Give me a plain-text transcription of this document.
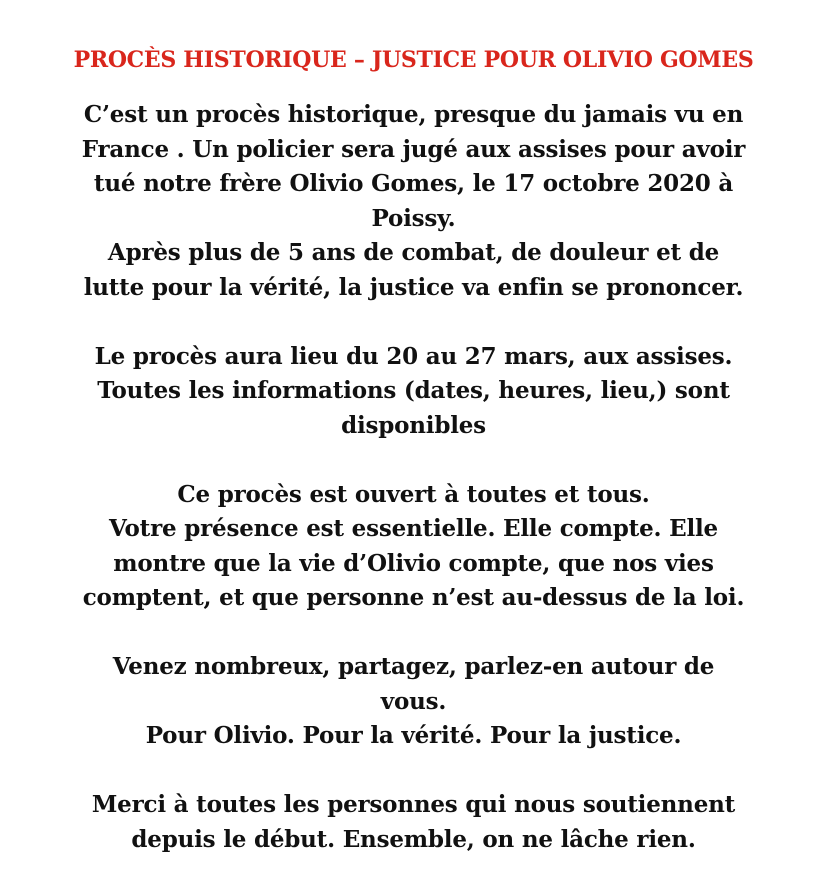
PROCÈS HISTORIQUE – JUSTICE POUR OLIVIO GOMES

C’est un procès historique, presque du jamais vu en
France . Un policier sera jugé aux assises pour avoir
tué notre frère Olivio Gomes, le 17 octobre 2020 à
Poissy.
Après plus de 5 ans de combat, de douleur et de
lutte pour la vérité, la justice va enfin se prononcer.

Le procès aura lieu du 20 au 27 mars, aux assises.
Toutes les informations (dates, heures, lieu,) sont
disponibles

Ce procès est ouvert à toutes et tous.
Votre présence est essentielle. Elle compte. Elle
montre que la vie d’Olivio compte, que nos vies
comptent, et que personne n’est au-dessus de la loi.

Venez nombreux, partagez, parlez-en autour de
vous.
Pour Olivio. Pour la vérité. Pour la justice.

Merci à toutes les personnes qui nous soutiennent
depuis le début. Ensemble, on ne lâche rien.
